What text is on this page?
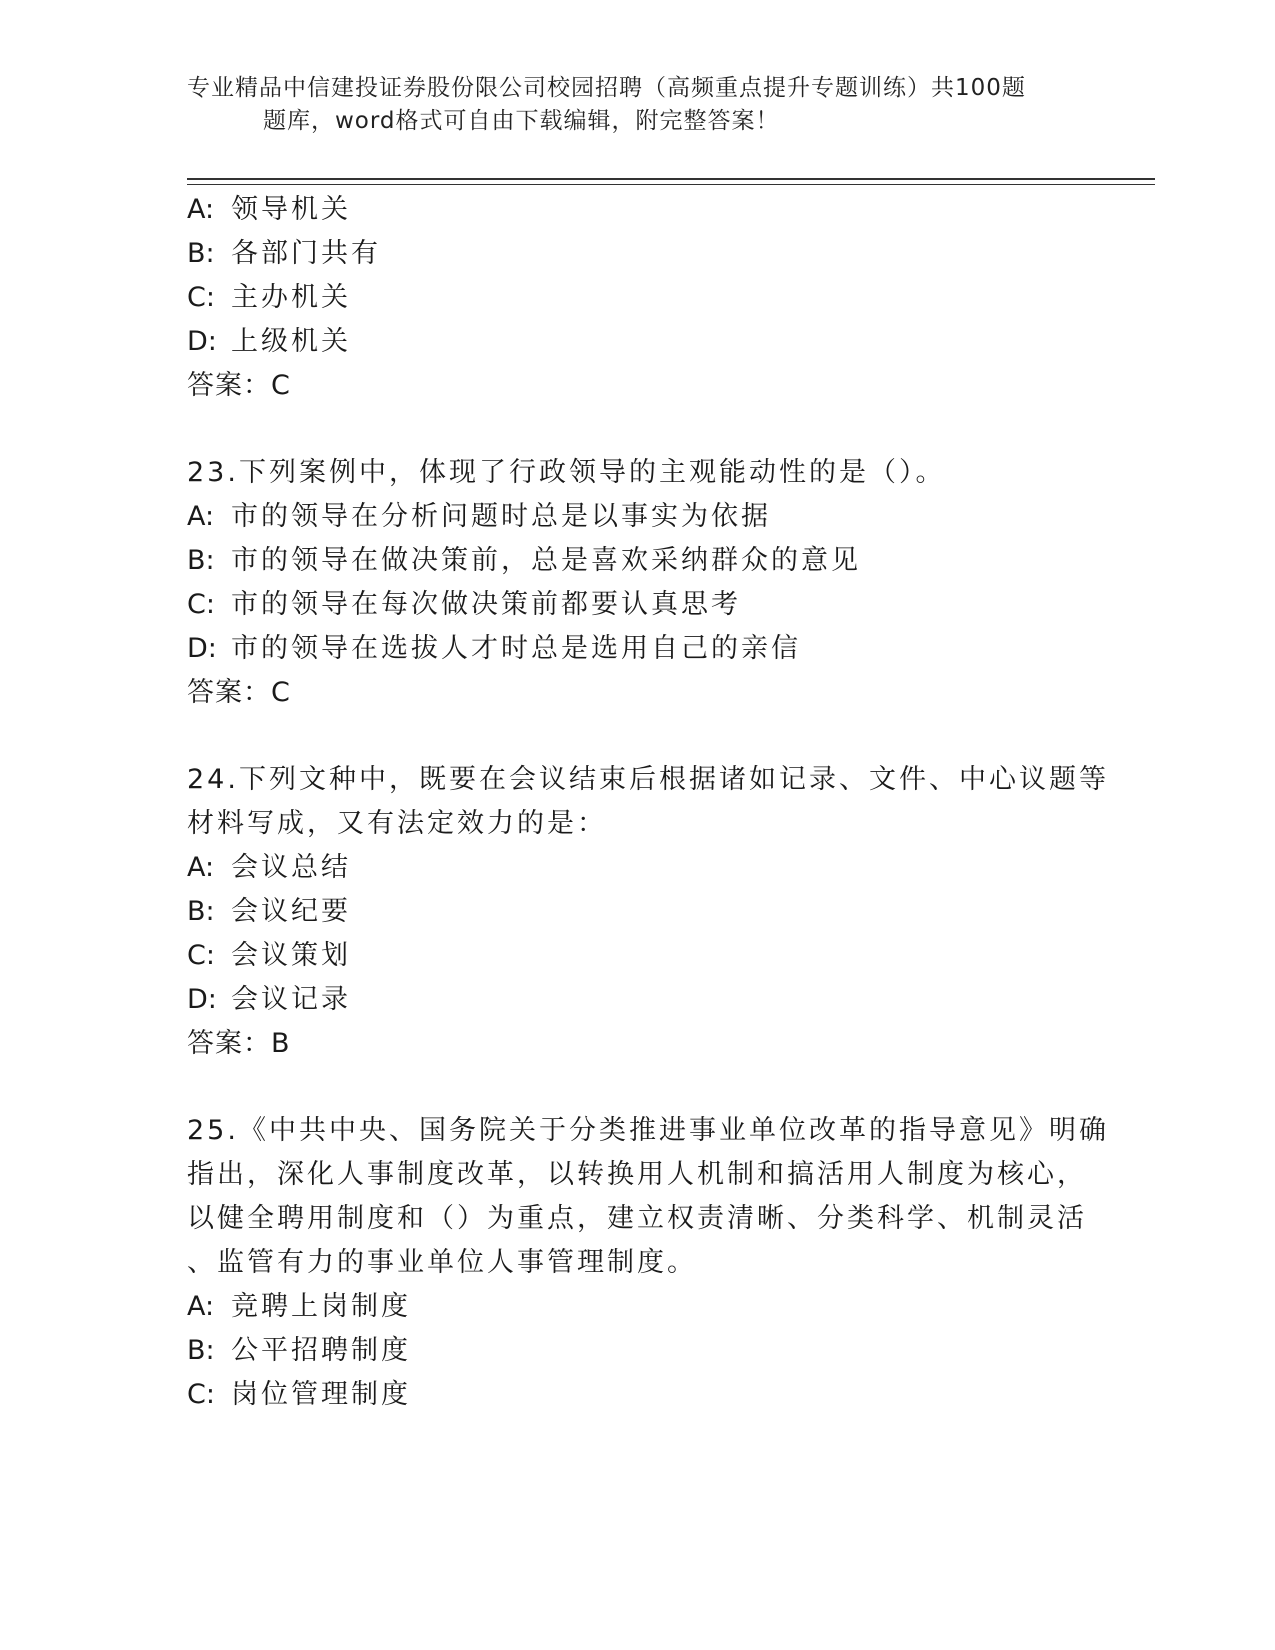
专业精品中信建投证券股份限公司校园招聘（高频重点提升专题训练）共100题
题库，word格式可自由下载编辑，附完整答案！
A: 领导机关
B: 各部门共有
C: 主办机关
D: 上级机关
答案：C
23.下列案例中，体现了行政领导的主观能动性的是（）。
A: 市的领导在分析问题时总是以事实为依据
B: 市的领导在做决策前，总是喜欢采纳群众的意见
C: 市的领导在每次做决策前都要认真思考
D: 市的领导在选拔人才时总是选用自己的亲信
答案：C
24.下列文种中，既要在会议结束后根据诸如记录、文件、中心议题等
材料写成，又有法定效力的是：
A: 会议总结
B: 会议纪要
C: 会议策划
D: 会议记录
答案：B
25.《中共中央、国务院关于分类推进事业单位改革的指导意见》明确
指出，深化人事制度改革，以转换用人机制和搞活用人制度为核心，
以健全聘用制度和（）为重点，建立权责清晰、分类科学、机制灵活
、监管有力的事业单位人事管理制度。
A: 竞聘上岗制度
B: 公平招聘制度
C: 岗位管理制度
